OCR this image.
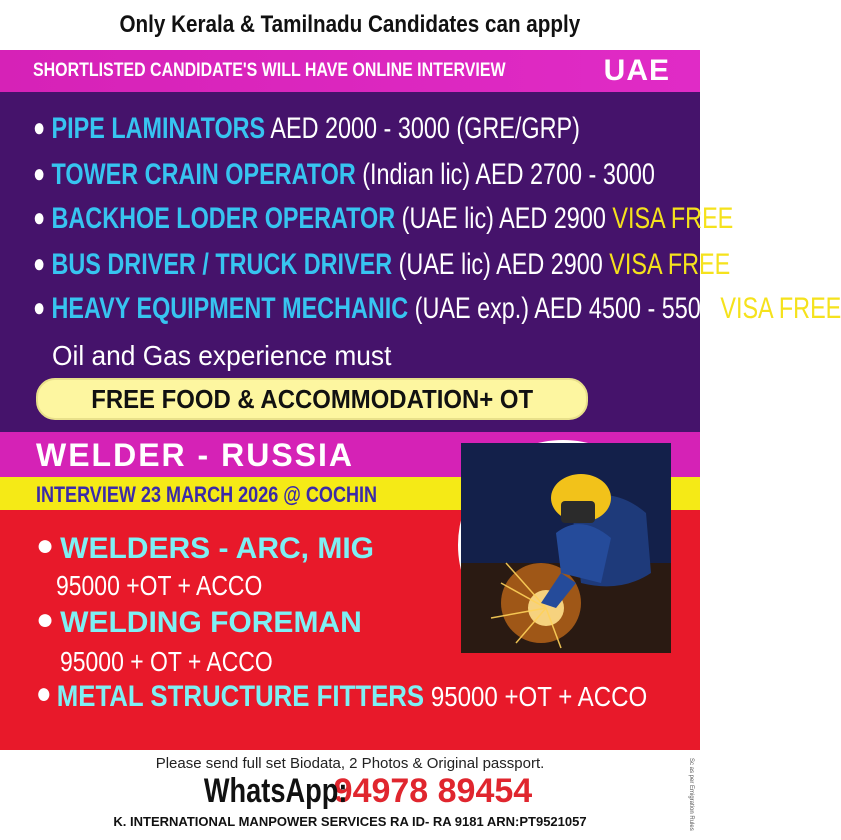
Only Kerala & Tamilnadu Candidates can apply
SHORTLISTED CANDIDATE'S WILL HAVE ONLINE INTERVIEW	UAE
● PIPE LAMINATORS AED 2000 - 3000 (GRE/GRP)
● TOWER CRAIN OPERATOR (Indian lic) AED 2700 - 3000
● BACKHOE LODER OPERATOR (UAE lic) AED 2900 VISA FREE
● BUS DRIVER / TRUCK DRIVER (UAE lic) AED 2900 VISA FREE
● HEAVY EQUIPMENT MECHANIC (UAE exp.) AED 4500 - 5500 VISA FREE
Oil and Gas experience must
FREE FOOD & ACCOMMODATION+ OT
WELDER - RUSSIA
INTERVIEW 23 MARCH 2026 @ COCHIN
● WELDERS - ARC, MIG
95000 +OT + ACCO
● WELDING FOREMAN
95000 + OT + ACCO
● METAL STRUCTURE FITTERS 95000 +OT + ACCO
Please send full set Biodata, 2 Photos & Original passport.
WhatsApp: 94978 89454
K. INTERNATIONAL MANPOWER SERVICES RA ID- RA 9181 ARN:PT9521057	Sc as per Emigration Rules
